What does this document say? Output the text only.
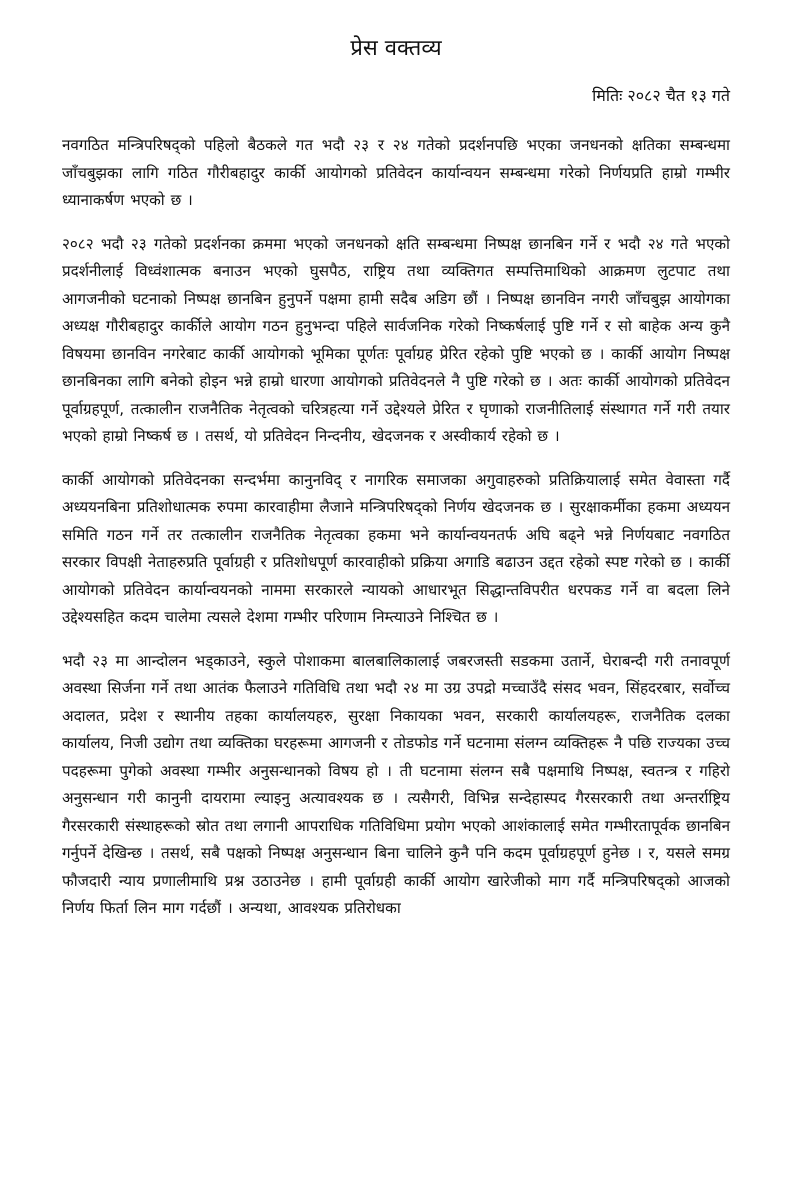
प्रेस वक्तव्य
मितिः २०८२ चैत १३ गते

नवगठित मन्त्रिपरिषद्को पहिलो बैठकले गत भदौ २३ र २४ गतेको प्रदर्शनपछि भएका जनधनको क्षतिका सम्बन्धमा जाँचबुझका लागि गठित गौरीबहादुर कार्की आयोगको प्रतिवेदन कार्यान्वयन सम्बन्धमा गरेको निर्णयप्रति हाम्रो गम्भीर ध्यानाकर्षण भएको छ ।

२०८२ भदौ २३ गतेको प्रदर्शनका क्रममा भएको जनधनको क्षति सम्बन्धमा निष्पक्ष छानबिन गर्ने र भदौ २४ गते भएको प्रदर्शनीलाई विध्वंशात्मक बनाउन भएको घुसपैठ, राष्ट्रिय तथा व्यक्तिगत सम्पत्तिमाथिको आक्रमण लुटपाट तथा आगजनीको घटनाको निष्पक्ष छानबिन हुनुपर्ने पक्षमा हामी सदैब अडिग छौं । निष्पक्ष छानविन नगरी जाँचबुझ आयोगका अध्यक्ष गौरीबहादुर कार्कीले आयोग गठन हुनुभन्दा पहिले सार्वजनिक गरेको निष्कर्षलाई पुष्टि गर्ने र सो बाहेक अन्य कुनै विषयमा छानविन नगरेबाट कार्की आयोगको भूमिका पूर्णतः पूर्वाग्रह प्रेरित रहेको पुष्टि भएको छ । कार्की आयोग निष्पक्ष छानबिनका लागि बनेको होइन भन्ने हाम्रो धारणा आयोगको प्रतिवेदनले नै पुष्टि गरेको छ । अतः कार्की आयोगको प्रतिवेदन पूर्वाग्रहपूर्ण, तत्कालीन राजनैतिक नेतृत्वको चरित्रहत्या गर्ने उद्देश्यले प्रेरित र घृणाको राजनीतिलाई संस्थागत गर्ने गरी तयार भएको हाम्रो निष्कर्ष छ । तसर्थ, यो प्रतिवेदन निन्दनीय, खेदजनक र अस्वीकार्य रहेको छ ।

कार्की आयोगको प्रतिवेदनका सन्दर्भमा कानुनविद् र नागरिक समाजका अगुवाहरुको प्रतिक्रियालाई समेत वेवास्ता गर्दै अध्ययनबिना प्रतिशोधात्मक रुपमा कारवाहीमा लैजाने मन्त्रिपरिषद्को निर्णय खेदजनक छ । सुरक्षाकर्मीका हकमा अध्ययन समिति गठन गर्ने तर तत्कालीन राजनैतिक नेतृत्वका हकमा भने कार्यान्वयनतर्फ अघि बढ्ने भन्ने निर्णयबाट नवगठित सरकार विपक्षी नेताहरुप्रति पूर्वाग्रही र प्रतिशोधपूर्ण कारवाहीको प्रक्रिया अगाडि बढाउन उद्दत रहेको स्पष्ट गरेको छ । कार्की आयोगको प्रतिवेदन कार्यान्वयनको नाममा सरकारले न्यायको आधारभूत सिद्धान्तविपरीत धरपकड गर्ने वा बदला लिने उद्देश्यसहित कदम चालेमा त्यसले देशमा गम्भीर परिणाम निम्त्याउने निश्चित छ ।

भदौ २३ मा आन्दोलन भड्काउने, स्कुले पोशाकमा बालबालिकालाई जबरजस्ती सडकमा उतार्ने, घेराबन्दी गरी तनावपूर्ण अवस्था सिर्जना गर्ने तथा आतंक फैलाउने गतिविधि तथा भदौ २४ मा उग्र उपद्रो मच्चाउँदै संसद भवन, सिंहदरबार, सर्वोच्च अदालत, प्रदेश र स्थानीय तहका कार्यालयहरु, सुरक्षा निकायका भवन, सरकारी कार्यालयहरू, राजनैतिक दलका कार्यालय, निजी उद्योग तथा व्यक्तिका घरहरूमा आगजनी र तोडफोड गर्ने घटनामा संलग्न व्यक्तिहरू नै पछि राज्यका उच्च पदहरूमा पुगेको अवस्था गम्भीर अनुसन्धानको विषय हो । ती घटनामा संलग्न सबै पक्षमाथि निष्पक्ष, स्वतन्त्र र गहिरो अनुसन्धान गरी कानुनी दायरामा ल्याइनु अत्यावश्यक छ । त्यसैगरी, विभिन्न सन्देहास्पद गैरसरकारी तथा अन्तर्राष्ट्रिय गैरसरकारी संस्थाहरूको स्रोत तथा लगानी आपराधिक गतिविधिमा प्रयोग भएको आशंकालाई समेत गम्भीरतापूर्वक छानबिन गर्नुपर्ने देखिन्छ । तसर्थ, सबै पक्षको निष्पक्ष अनुसन्धान बिना चालिने कुनै पनि कदम पूर्वाग्रहपूर्ण हुनेछ । र, यसले समग्र फौजदारी न्याय प्रणालीमाथि प्रश्न उठाउनेछ । हामी पूर्वाग्रही कार्की आयोग खारेजीको माग गर्दै मन्त्रिपरिषद्को आजको निर्णय फिर्ता लिन माग गर्दछौं । अन्यथा, आवश्यक प्रतिरोधका
